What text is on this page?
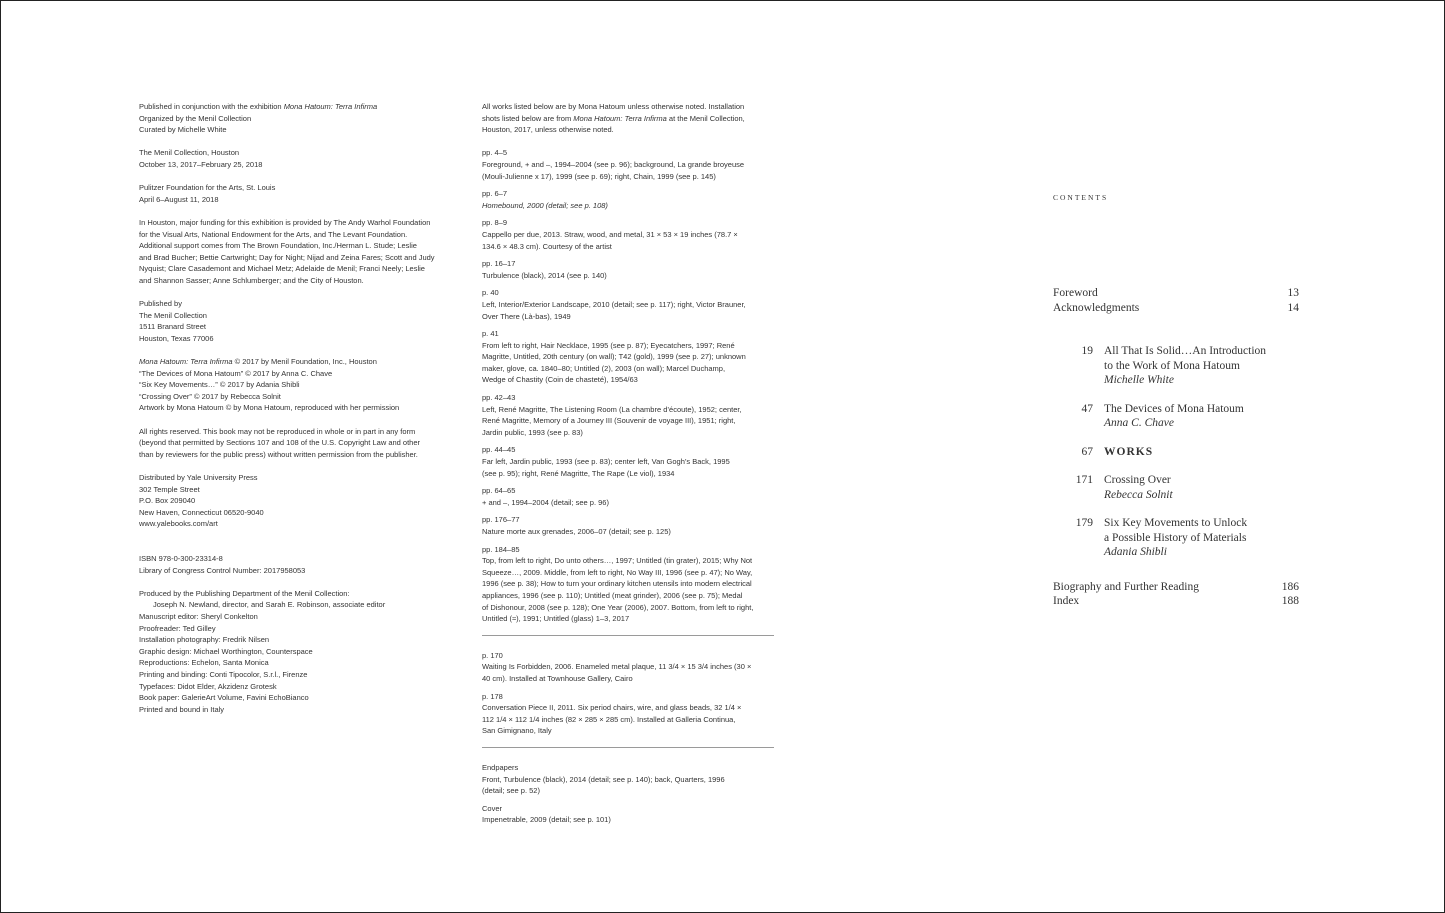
Published in conjunction with the exhibition Mona Hatoum: Terra Infirma
Organized by the Menil Collection
Curated by Michelle White

The Menil Collection, Houston
October 13, 2017–February 25, 2018

Pulitzer Foundation for the Arts, St. Louis
April 6–August 11, 2018

In Houston, major funding for this exhibition is provided by The Andy Warhol Foundation
for the Visual Arts, National Endowment for the Arts, and The Levant Foundation.
Additional support comes from The Brown Foundation, Inc./Herman L. Stude; Leslie
and Brad Bucher; Bettie Cartwright; Day for Night; Nijad and Zeina Fares; Scott and Judy
Nyquist; Clare Casademont and Michael Metz; Adelaide de Menil; Franci Neely; Leslie
and Shannon Sasser; Anne Schlumberger; and the City of Houston.

Published by
The Menil Collection
1511 Branard Street
Houston, Texas 77006

Mona Hatoum: Terra Infirma © 2017 by Menil Foundation, Inc., Houston
“The Devices of Mona Hatoum” © 2017 by Anna C. Chave
“Six Key Movements…” © 2017 by Adania Shibli
“Crossing Over” © 2017 by Rebecca Solnit
Artwork by Mona Hatoum © by Mona Hatoum, reproduced with her permission

All rights reserved. This book may not be reproduced in whole or in part in any form
(beyond that permitted by Sections 107 and 108 of the U.S. Copyright Law and other
than by reviewers for the public press) without written permission from the publisher.

Distributed by Yale University Press
302 Temple Street
P.O. Box 209040
New Haven, Connecticut 06520-9040
www.yalebooks.com/art

ISBN 978-0-300-23314-8
Library of Congress Control Number: 2017958053

Produced by the Publishing Department of the Menil Collection:
Joseph N. Newland, director, and Sarah E. Robinson, associate editor
Manuscript editor: Sheryl Conkelton
Proofreader: Ted Gilley
Installation photography: Fredrik Nilsen
Graphic design: Michael Worthington, Counterspace
Reproductions: Echelon, Santa Monica
Printing and binding: Conti Tipocolor, S.r.l., Firenze
Typefaces: Didot Elder, Akzidenz Grotesk
Book paper: GalerieArt Volume, Favini EchoBianco
Printed and bound in Italy

All works listed below are by Mona Hatoum unless otherwise noted. Installation
shots listed below are from Mona Hatoum: Terra Infirma at the Menil Collection,
Houston, 2017, unless otherwise noted.

pp. 4–5
Foreground, + and –, 1994–2004 (see p. 96); background, La grande broyeuse
(Mouli-Julienne x 17), 1999 (see p. 69); right, Chain, 1999 (see p. 145)
pp. 6–7
Homebound, 2000 (detail; see p. 108)
pp. 8–9
Cappello per due, 2013. Straw, wood, and metal, 31 × 53 × 19 inches (78.7 ×
134.6 × 48.3 cm). Courtesy of the artist
pp. 16–17
Turbulence (black), 2014 (see p. 140)
p. 40
Left, Interior/Exterior Landscape, 2010 (detail; see p. 117); right, Victor Brauner,
Over There (Là-bas), 1949
p. 41
From left to right, Hair Necklace, 1995 (see p. 87); Eyecatchers, 1997; René
Magritte, Untitled, 20th century (on wall); T42 (gold), 1999 (see p. 27); unknown
maker, glove, ca. 1840–80; Untitled (2), 2003 (on wall); Marcel Duchamp,
Wedge of Chastity (Coin de chasteté), 1954/63
pp. 42–43
Left, René Magritte, The Listening Room (La chambre d’écoute), 1952; center,
René Magritte, Memory of a Journey III (Souvenir de voyage III), 1951; right,
Jardin public, 1993 (see p. 83)
pp. 44–45
Far left, Jardin public, 1993 (see p. 83); center left, Van Gogh’s Back, 1995
(see p. 95); right, René Magritte, The Rape (Le viol), 1934
pp. 64–65
+ and –, 1994–2004 (detail; see p. 96)
pp. 176–77
Nature morte aux grenades, 2006–07 (detail; see p. 125)
pp. 184–85
Top, from left to right, Do unto others…, 1997; Untitled (tin grater), 2015; Why Not
Squeeze…, 2009. Middle, from left to right, No Way III, 1996 (see p. 47); No Way,
1996 (see p. 38); How to turn your ordinary kitchen utensils into modern electrical
appliances, 1996 (see p. 110); Untitled (meat grinder), 2006 (see p. 75); Medal
of Dishonour, 2008 (see p. 128); One Year (2006), 2007. Bottom, from left to right,
Untitled (≈), 1991; Untitled (glass) 1–3, 2017
p. 170
Waiting Is Forbidden, 2006. Enameled metal plaque, 11 3/4 × 15 3/4 inches (30 ×
40 cm). Installed at Townhouse Gallery, Cairo
p. 178
Conversation Piece II, 2011. Six period chairs, wire, and glass beads, 32 1/4 ×
112 1/4 × 112 1/4 inches (82 × 285 × 285 cm). Installed at Galleria Continua,
San Gimignano, Italy
Endpapers
Front, Turbulence (black), 2014 (detail; see p. 140); back, Quarters, 1996
(detail; see p. 52)
Cover
Impenetrable, 2009 (detail; see p. 101)
CONTENTS
Foreword	13
Acknowledgments	14
19 All That Is Solid…An Introduction
to the Work of Mona Hatoum
Michelle White
47 The Devices of Mona Hatoum
Anna C. Chave
67 WORKS
171 Crossing Over
Rebecca Solnit
179 Six Key Movements to Unlock
a Possible History of Materials
Adania Shibli
Biography and Further Reading	186
Index	188
